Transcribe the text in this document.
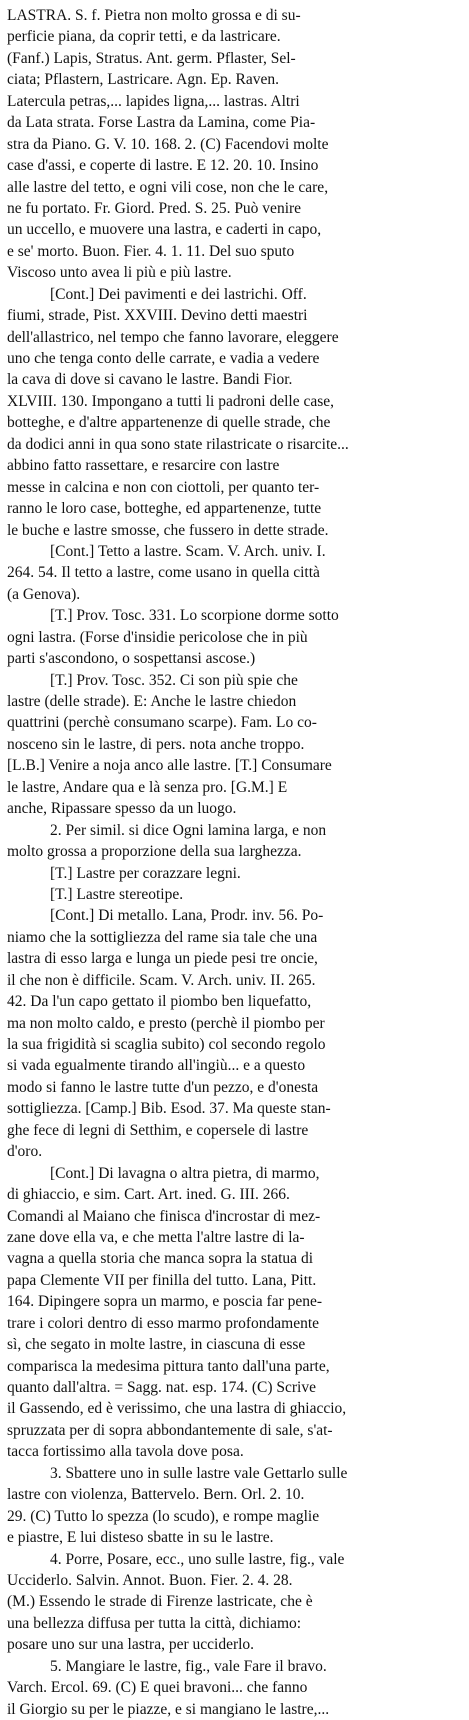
LASTRA. S. f. Pietra non molto grossa e di su-
perficie piana, da coprir tetti, e da lastricare.
(Fanf.) Lapis, Stratus. Ant. germ. Pflaster, Sel-
ciata; Pflastern, Lastricare. Agn. Ep. Raven.
Latercula petras,... lapides ligna,... lastras. Altri
da Lata strata. Forse Lastra da Lamina, come Pia-
stra da Piano. G. V. 10. 168. 2. (C) Facendovi molte
case d'assi, e coperte di lastre. E 12. 20. 10. Insino
alle lastre del tetto, e ogni vili cose, non che le care,
ne fu portato. Fr. Giord. Pred. S. 25. Può venire
un uccello, e muovere una lastra, e caderti in capo,
e se' morto. Buon. Fier. 4. 1. 11. Del suo sputo
Viscoso unto avea li più e più lastre.
[Cont.] Dei pavimenti e dei lastrichi. Off.
fiumi, strade, Pist. XXVIII. Devino detti maestri
dell'allastrico, nel tempo che fanno lavorare, eleggere
uno che tenga conto delle carrate, e vadia a vedere
la cava di dove si cavano le lastre. Bandi Fior.
XLVIII. 130. Impongano a tutti li padroni delle case,
botteghe, e d'altre appartenenze di quelle strade, che
da dodici anni in qua sono state rilastricate o risarcite...
abbino fatto rassettare, e resarcire con lastre
messe in calcina e non con ciottoli, per quanto ter-
ranno le loro case, botteghe, ed appartenenze, tutte
le buche e lastre smosse, che fussero in dette strade.
[Cont.] Tetto a lastre. Scam. V. Arch. univ. I.
264. 54. Il tetto a lastre, come usano in quella città
(a Genova).
[T.] Prov. Tosc. 331. Lo scorpione dorme sotto
ogni lastra. (Forse d'insidie pericolose che in più
parti s'ascondono, o sospettansi ascose.)
[T.] Prov. Tosc. 352. Ci son più spie che
lastre (delle strade). E: Anche le lastre chiedon
quattrini (perchè consumano scarpe). Fam. Lo co-
nosceno sin le lastre, di pers. nota anche troppo.
[L.B.] Venire a noja anco alle lastre. [T.] Consumare
le lastre, Andare qua e là senza pro. [G.M.] E
anche, Ripassare spesso da un luogo.
2. Per simil. si dice Ogni lamina larga, e non
molto grossa a proporzione della sua larghezza.
[T.] Lastre per corazzare legni.
[T.] Lastre stereotipe.
[Cont.] Di metallo. Lana, Prodr. inv. 56. Po-
niamo che la sottigliezza del rame sia tale che una
lastra di esso larga e lunga un piede pesi tre oncie,
il che non è difficile. Scam. V. Arch. univ. II. 265.
42. Da l'un capo gettato il piombo ben liquefatto,
ma non molto caldo, e presto (perchè il piombo per
la sua frigidità si scaglia subito) col secondo regolo
si vada egualmente tirando all'ingiù... e a questo
modo si fanno le lastre tutte d'un pezzo, e d'onesta
sottigliezza. [Camp.] Bib. Esod. 37. Ma queste stan-
ghe fece di legni di Setthim, e copersele di lastre
d'oro.
[Cont.] Di lavagna o altra pietra, di marmo,
di ghiaccio, e sim. Cart. Art. ined. G. III. 266.
Comandi al Maiano che finisca d'incrostar di mez-
zane dove ella va, e che metta l'altre lastre di la-
vagna a quella storia che manca sopra la statua di
papa Clemente VII per finilla del tutto. Lana, Pitt.
164. Dipingere sopra un marmo, e poscia far pene-
trare i colori dentro di esso marmo profondamente
sì, che segato in molte lastre, in ciascuna di esse
comparisca la medesima pittura tanto dall'una parte,
quanto dall'altra. = Sagg. nat. esp. 174. (C) Scrive
il Gassendo, ed è verissimo, che una lastra di ghiaccio,
spruzzata per di sopra abbondantemente di sale, s'at-
tacca fortissimo alla tavola dove posa.
3. Sbattere uno in sulle lastre vale Gettarlo sulle
lastre con violenza, Battervelo. Bern. Orl. 2. 10.
29. (C) Tutto lo spezza (lo scudo), e rompe maglie
e piastre, E lui disteso sbatte in su le lastre.
4. Porre, Posare, ecc., uno sulle lastre, fig., vale
Ucciderlo. Salvin. Annot. Buon. Fier. 2. 4. 28.
(M.) Essendo le strade di Firenze lastricate, che è
una bellezza diffusa per tutta la città, dichiamo:
posare uno sur una lastra, per ucciderlo.
5. Mangiare le lastre, fig., vale Fare il bravo.
Varch. Ercol. 69. (C) E quei bravoni... che fanno
il Giorgio su per le piazze, e si mangiano le lastre,...
